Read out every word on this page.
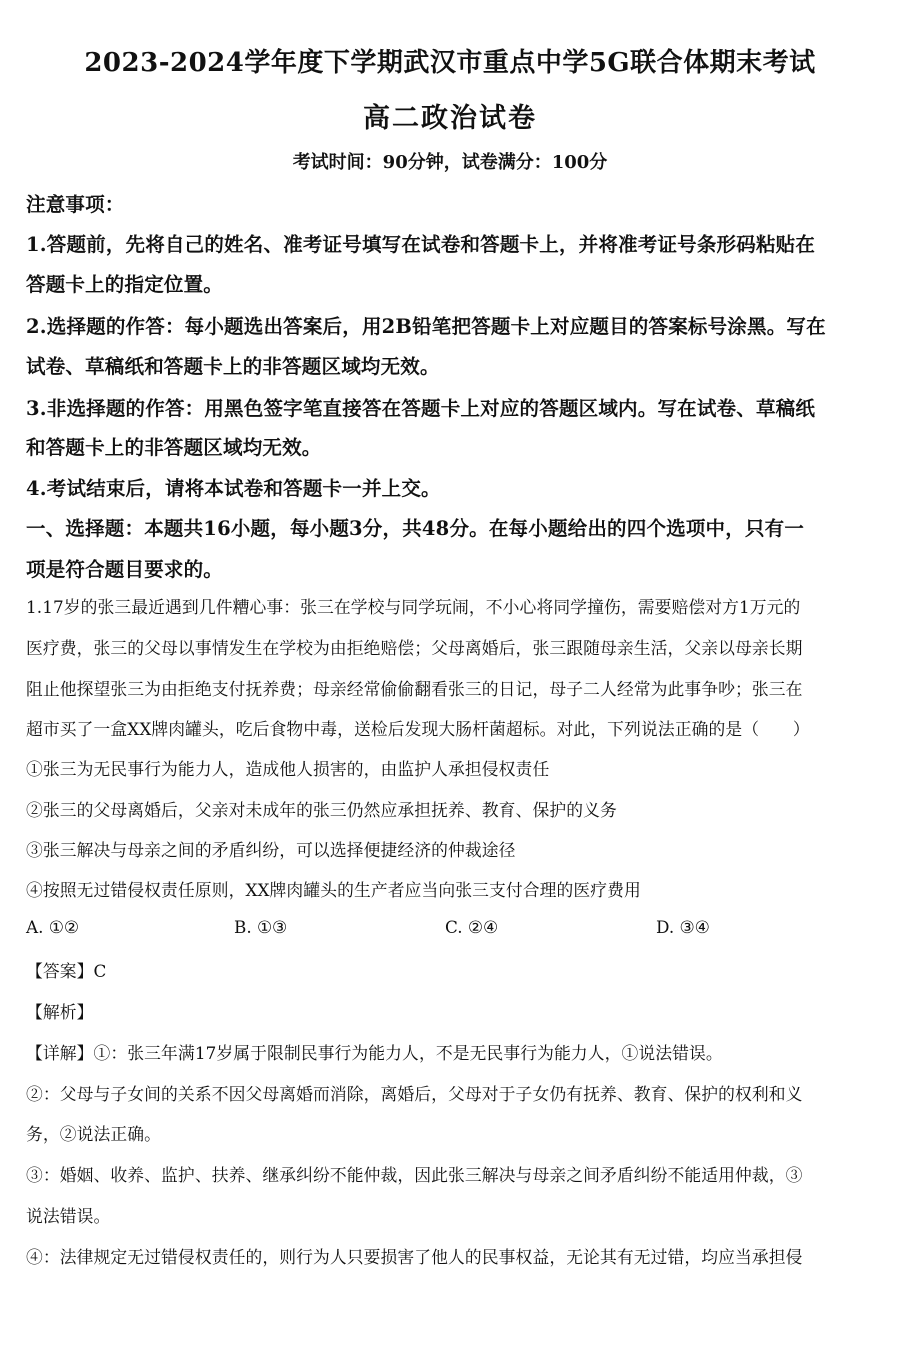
2023-2024学年度下学期武汉市重点中学5G联合体期末考试
高二政治试卷
考试时间：90分钟，试卷满分：100分
注意事项：
1.答题前，先将自己的姓名、准考证号填写在试卷和答题卡上，并将准考证号条形码粘贴在
答题卡上的指定位置。
2.选择题的作答：每小题选出答案后，用2B铅笔把答题卡上对应题目的答案标号涂黑。写在
试卷、草稿纸和答题卡上的非答题区域均无效。
3.非选择题的作答：用黑色签字笔直接答在答题卡上对应的答题区域内。写在试卷、草稿纸
和答题卡上的非答题区域均无效。
4.考试结束后，请将本试卷和答题卡一并上交。
一、选择题：本题共16小题，每小题3分，共48分。在每小题给出的四个选项中，只有一
项是符合题目要求的。
1.17岁的张三最近遇到几件糟心事：张三在学校与同学玩闹，不小心将同学撞伤，需要赔偿对方1万元的
医疗费，张三的父母以事情发生在学校为由拒绝赔偿；父母离婚后，张三跟随母亲生活，父亲以母亲长期
阻止他探望张三为由拒绝支付抚养费；母亲经常偷偷翻看张三的日记，母子二人经常为此事争吵；张三在
超市买了一盒XX牌肉罐头，吃后食物中毒，送检后发现大肠杆菌超标。对此，下列说法正确的是（　　）
①张三为无民事行为能力人，造成他人损害的，由监护人承担侵权责任
②张三的父母离婚后，父亲对未成年的张三仍然应承担抚养、教育、保护的义务
③张三解决与母亲之间的矛盾纠纷，可以选择便捷经济的仲裁途径
④按照无过错侵权责任原则，XX牌肉罐头的生产者应当向张三支付合理的医疗费用
A. ①②	B. ①③	C. ②④	D. ③④
【答案】C
【解析】
【详解】①：张三年满17岁属于限制民事行为能力人，不是无民事行为能力人，①说法错误。
②：父母与子女间的关系不因父母离婚而消除，离婚后，父母对于子女仍有抚养、教育、保护的权利和义
务，②说法正确。
③：婚姻、收养、监护、扶养、继承纠纷不能仲裁，因此张三解决与母亲之间矛盾纠纷不能适用仲裁，③
说法错误。
④：法律规定无过错侵权责任的，则行为人只要损害了他人的民事权益，无论其有无过错，均应当承担侵
